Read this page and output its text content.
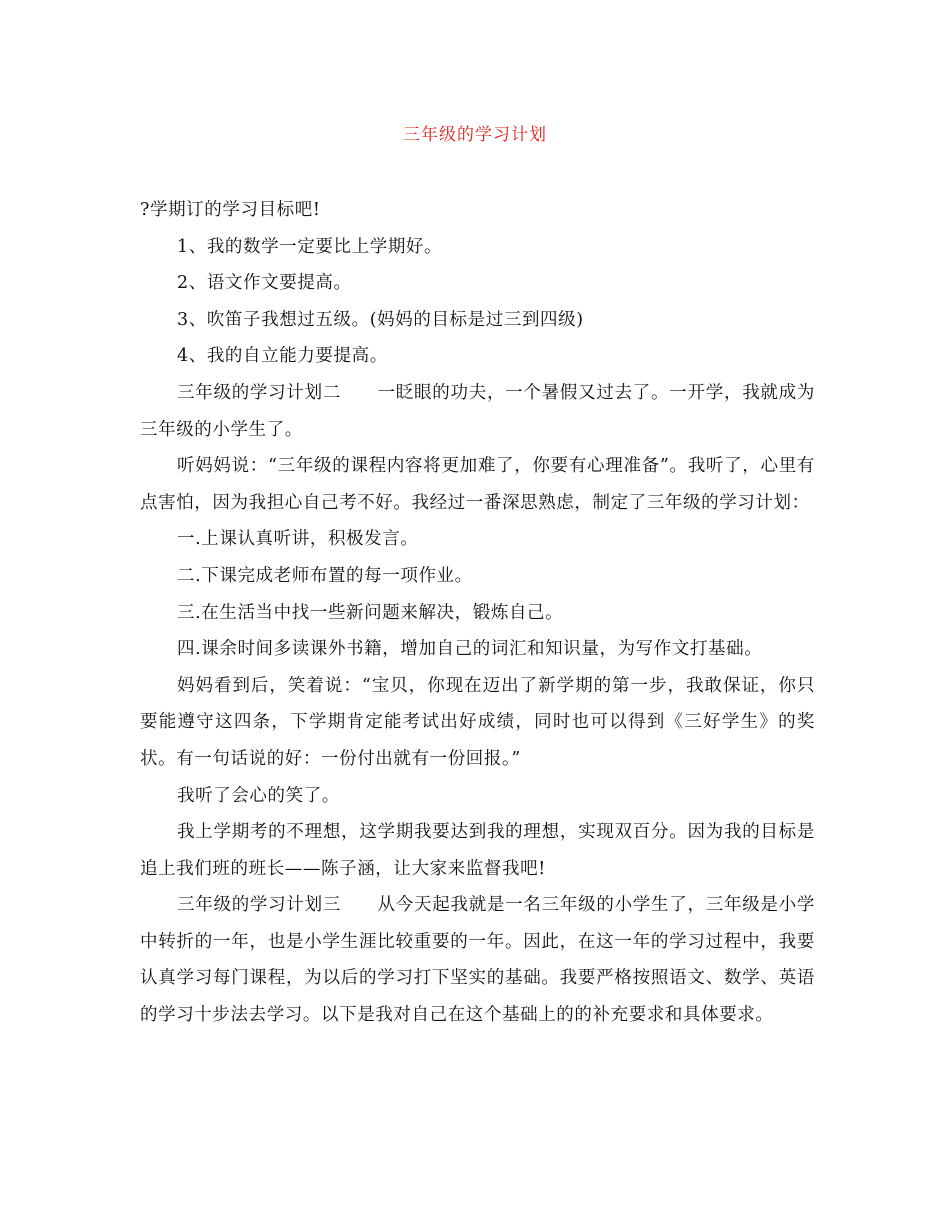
三年级的学习计划

?学期订的学习目标吧!

1、我的数学一定要比上学期好。

2、语文作文要提高。

3、吹笛子我想过五级。(妈妈的目标是过三到四级)

4、我的自立能力要提高。

三年级的学习计划二　　一眨眼的功夫，一个暑假又过去了。一开学，我就成为三年级的小学生了。

听妈妈说：“三年级的课程内容将更加难了，你要有心理准备”。我听了，心里有点害怕，因为我担心自己考不好。我经过一番深思熟虑，制定了三年级的学习计划：

一.上课认真听讲，积极发言。

二.下课完成老师布置的每一项作业。

三.在生活当中找一些新问题来解决，锻炼自己。

四.课余时间多读课外书籍，增加自己的词汇和知识量，为写作文打基础。

妈妈看到后，笑着说：“宝贝，你现在迈出了新学期的第一步，我敢保证，你只要能遵守这四条，下学期肯定能考试出好成绩，同时也可以得到《三好学生》的奖状。有一句话说的好：一份付出就有一份回报。”

我听了会心的笑了。

我上学期考的不理想，这学期我要达到我的理想，实现双百分。因为我的目标是追上我们班的班长——陈子涵，让大家来监督我吧!

三年级的学习计划三　　从今天起我就是一名三年级的小学生了，三年级是小学中转折的一年，也是小学生涯比较重要的一年。因此，在这一年的学习过程中，我要认真学习每门课程，为以后的学习打下坚实的基础。我要严格按照语文、数学、英语的学习十步法去学习。以下是我对自己在这个基础上的的补充要求和具体要求。
